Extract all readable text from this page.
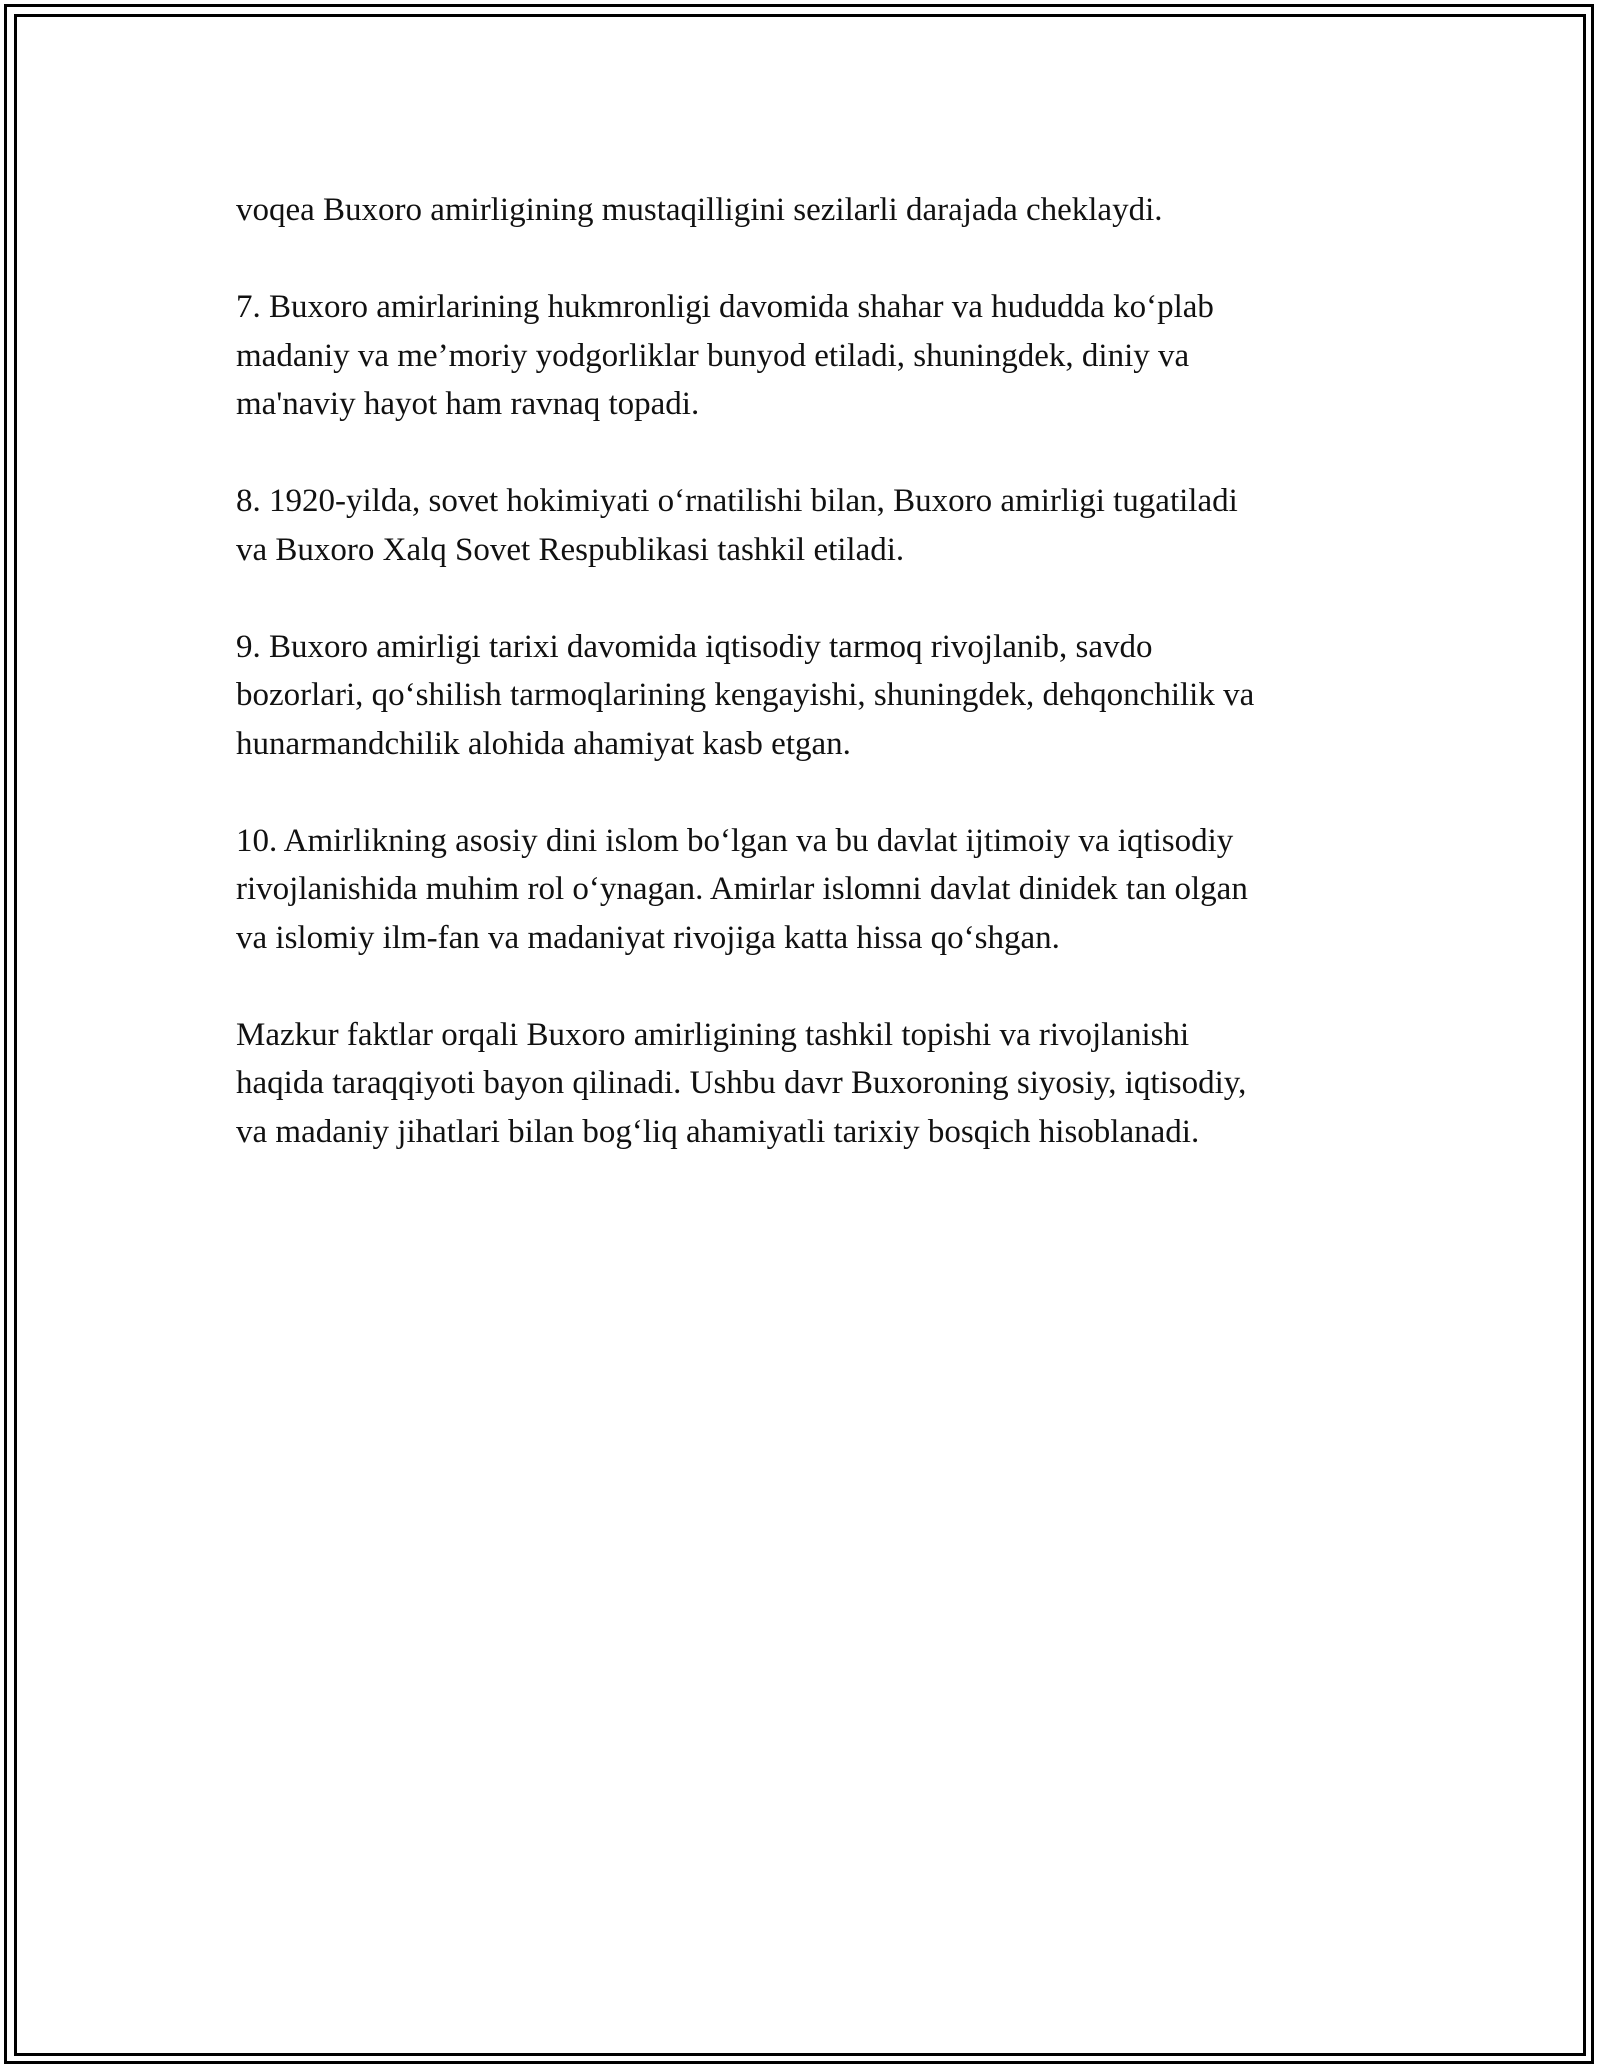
voqea Buxoro amirligining mustaqilligini sezilarli darajada cheklaydi.

7. Buxoro amirlarining hukmronligi davomida shahar va hududda ko‘plab
madaniy va me’moriy yodgorliklar bunyod etiladi, shuningdek, diniy va
ma'naviy hayot ham ravnaq topadi.

8. 1920-yilda, sovet hokimiyati o‘rnatilishi bilan, Buxoro amirligi tugatiladi
va Buxoro Xalq Sovet Respublikasi tashkil etiladi.

9. Buxoro amirligi tarixi davomida iqtisodiy tarmoq rivojlanib, savdo
bozorlari, qo‘shilish tarmoqlarining kengayishi, shuningdek, dehqonchilik va
hunarmandchilik alohida ahamiyat kasb etgan.

10. Amirlikning asosiy dini islom bo‘lgan va bu davlat ijtimoiy va iqtisodiy
rivojlanishida muhim rol o‘ynagan. Amirlar islomni davlat dinidek tan olgan
va islomiy ilm-fan va madaniyat rivojiga katta hissa qo‘shgan.

Mazkur faktlar orqali Buxoro amirligining tashkil topishi va rivojlanishi
haqida taraqqiyoti bayon qilinadi. Ushbu davr Buxoroning siyosiy, iqtisodiy,
va madaniy jihatlari bilan bog‘liq ahamiyatli tarixiy bosqich hisoblanadi.
